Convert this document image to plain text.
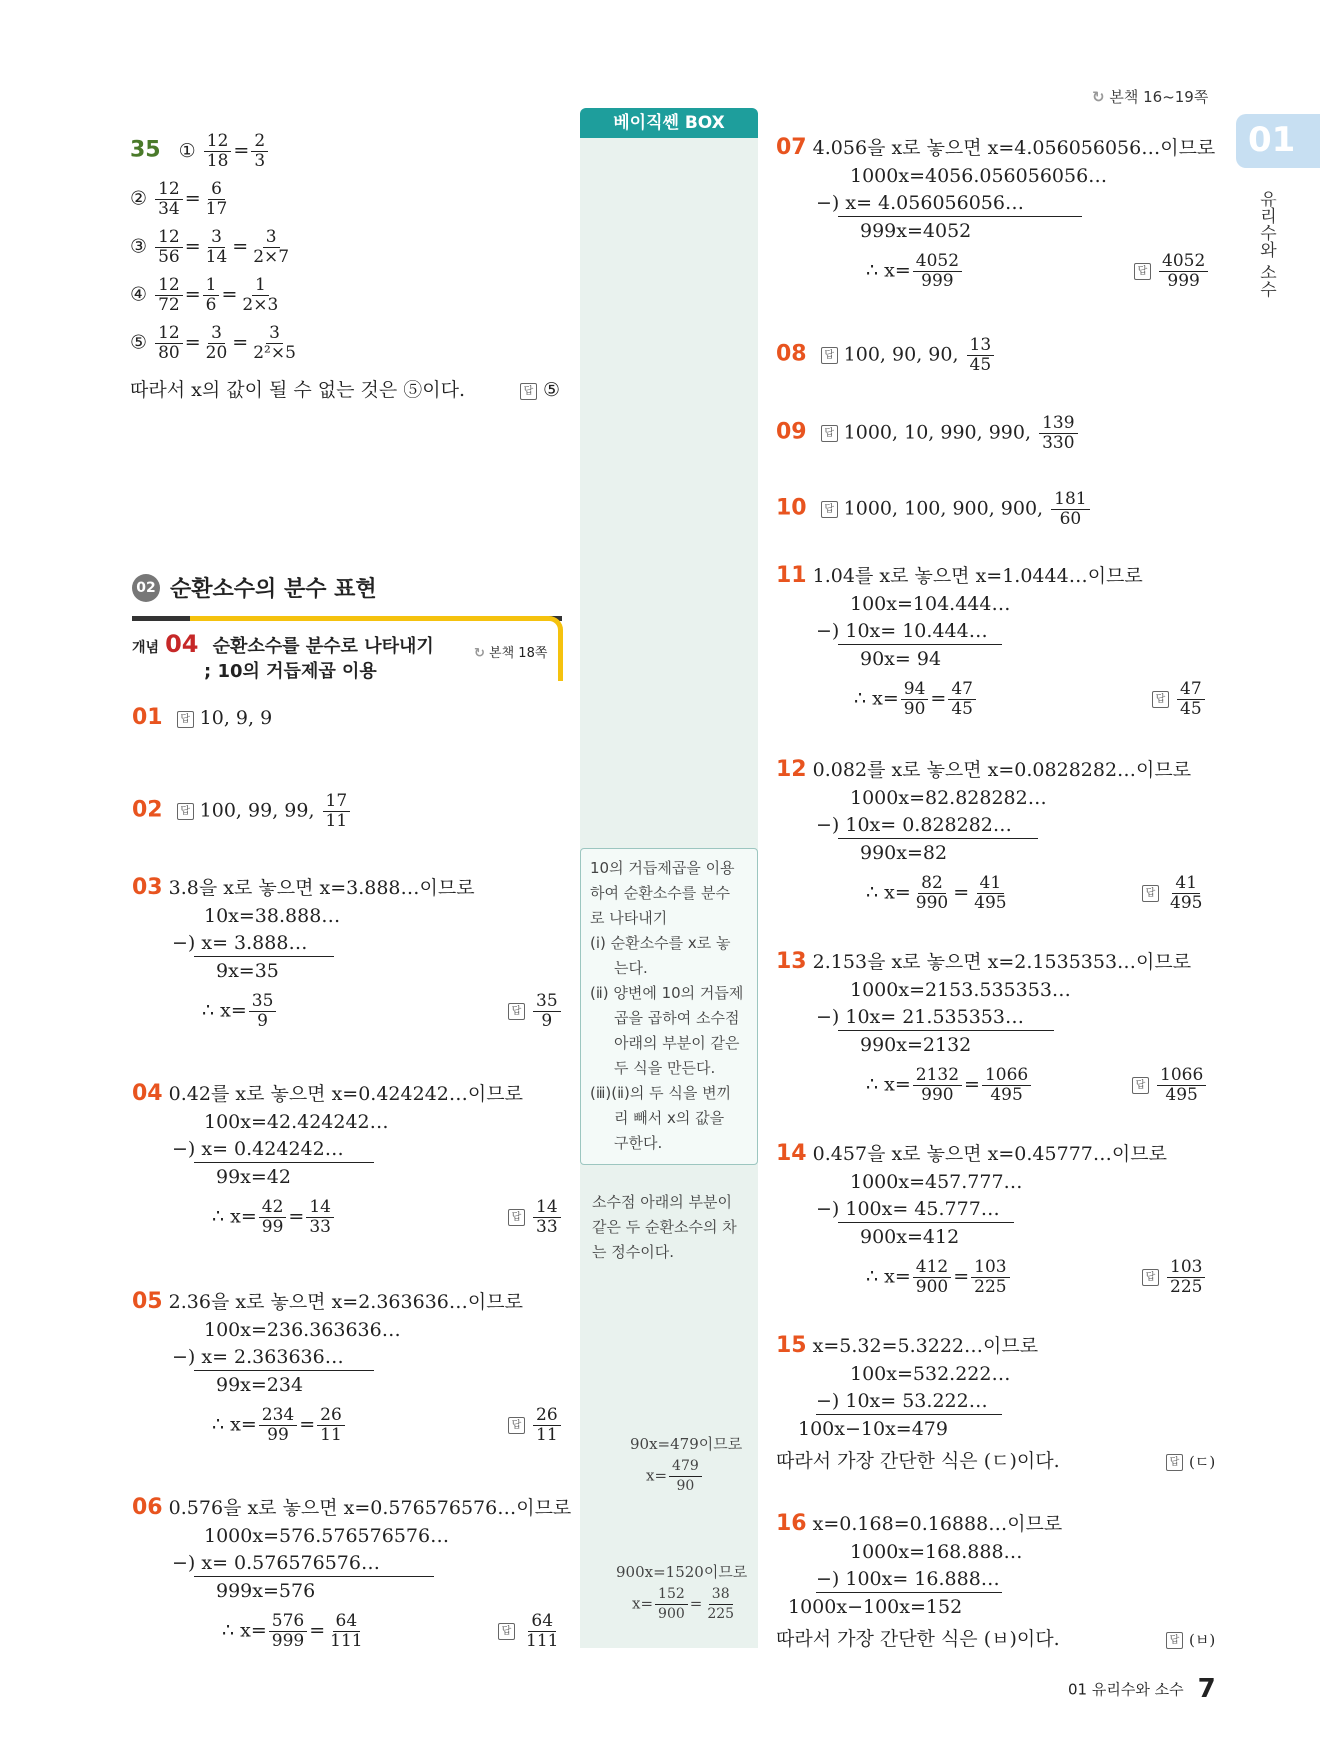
↻ 본책 16~19쪽
01
유리수와 소수
베이직쎈 BOX
10의 거듭제곱을 이용
하여 순환소수를 분수
로 나타내기
(ⅰ) 순환소수를 x로 놓
는다.
(ⅱ) 양변에 10의 거듭제
곱을 곱하여 소수점
아래의 부분이 같은
두 식을 만든다.
(ⅲ)(ⅱ)의 두 식을 변끼
리 빼서 x의 값을
구한다.
소수점 아래의 부분이
같은 두 순환소수의 차
는 정수이다.
90x=479이므로
$x= \frac{479}{90}$
900x=1520이므로
$x= \frac{152}{900} = \frac{38}{225}$
35 ① $\frac{12}{18} = \frac{2}{3}$
② $\frac{12}{34} = \frac{6}{17}$
③ $\frac{12}{56} = \frac{3}{14} = \frac{3}{2\times 7}$
④ $\frac{12}{72} = \frac{1}{6} = \frac{1}{2\times 3}$
⑤ $\frac{12}{80} = \frac{3}{20} = \frac{3}{\text{2²×5}}$
따라서 x의 값이 될 수 없는 것은 ⑤이다.	답 ⑤
02 순환소수의 분수 표현
개념 04 순환소수를 분수로 나타내기
; 10의 거듭제곱 이용
↻ 본책 18쪽
01 답 10, 9, 9
02 답 100, 99, 99, $\frac{17}{11}$
03 3.8을 x로 놓으면 x=3.888…이므로
10x=38.888…
−) x= 3.888…
9x=35
∴ $x= \frac{35}{9}$	답 $\frac{35}{9}$
04 0.42를 x로 놓으면 x=0.424242…이므로
100x=42.424242…
−) x= 0.424242…
99x=42
∴ $x= \frac{42}{99} = \frac{14}{33}$	답 $\frac{14}{33}$
05 2.36을 x로 놓으면 x=2.363636…이므로
100x=236.363636…
−) x= 2.363636…
99x=234
∴ $x= \frac{234}{99} = \frac{26}{11}$	답 $\frac{26}{11}$
06 0.576을 x로 놓으면 x=0.576576576…이므로
1000x=576.576576576…
−) x= 0.576576576…
999x=576
∴ $x= \frac{576}{999} = \frac{64}{111}$	답 $\frac{64}{111}$
07 4.056을 x로 놓으면 x=4.056056056…이므로
1000x=4056.056056056…
−) x= 4.056056056…
999x=4052
∴ $x= \frac{4052}{999}$	답 $\frac{4052}{999}$
08 답 100, 90, 90, $\frac{13}{45}$
09 답 1000, 10, 990, 990, $\frac{139}{330}$
10 답 1000, 100, 900, 900, $\frac{181}{60}$
11 1.04를 x로 놓으면 x=1.0444…이므로
100x=104.444…
−) 10x= 10.444…
90x= 94
∴ $x= \frac{94}{90} = \frac{47}{45}$	답 $\frac{47}{45}$
12 0.082를 x로 놓으면 x=0.0828282…이므로
1000x=82.828282…
−) 10x= 0.828282…
990x=82
∴ $x= \frac{82}{990} = \frac{41}{495}$	답 $\frac{41}{495}$
13 2.153을 x로 놓으면 x=2.1535353…이므로
1000x=2153.535353…
−) 10x= 21.535353…
990x=2132
∴ $x= \frac{2132}{990} = \frac{1066}{495}$	답 $\frac{1066}{495}$
14 0.457을 x로 놓으면 x=0.45777…이므로
1000x=457.777…
−) 100x= 45.777…
900x=412
∴ $x= \frac{412}{900} = \frac{103}{225}$	답 $\frac{103}{225}$
15 x=5.32=5.3222…이므로
100x=532.222…
−) 10x= 53.222…
100x−10x=479
따라서 가장 간단한 식은 (ㄷ)이다.	답 (ㄷ)
16 x=0.168=0.16888…이므로
1000x=168.888…
−) 100x= 16.888…
1000x−100x=152
따라서 가장 간단한 식은 (ㅂ)이다.	답 (ㅂ)
01 유리수와 소수 7
